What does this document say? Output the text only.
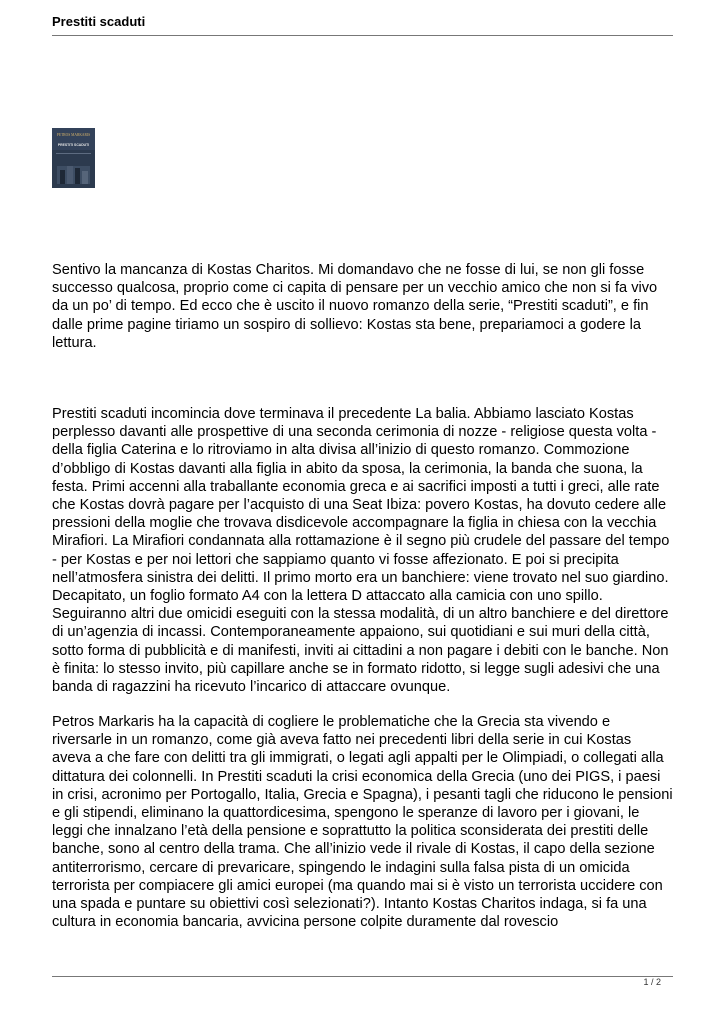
Prestiti scaduti
PETROS MARKARIS
PRESTITI SCADUTI

Sentivo la mancanza di Kostas Charitos. Mi domandavo che ne fosse di lui, se non gli fosse successo qualcosa, proprio come ci capita di pensare per un vecchio amico che non si fa vivo da un po’ di tempo. Ed ecco che è uscito il nuovo romanzo della serie, “Prestiti scaduti”, e fin dalle prime pagine tiriamo un sospiro di sollievo: Kostas sta bene, prepariamoci a godere la lettura.

Prestiti scaduti incomincia dove terminava il precedente La balia. Abbiamo lasciato Kostas perplesso davanti alle prospettive di una seconda cerimonia di nozze - religiose questa volta - della figlia Caterina e lo ritroviamo in alta divisa all’inizio di questo romanzo. Commozione d’obbligo di Kostas davanti alla figlia in abito da sposa, la cerimonia, la banda che suona, la festa. Primi accenni alla traballante economia greca e ai sacrifici imposti a tutti i greci, alle rate che Kostas dovrà pagare per l’acquisto di una Seat Ibiza: povero Kostas, ha dovuto cedere alle pressioni della moglie che trovava disdicevole accompagnare la figlia in chiesa con la vecchia Mirafiori. La Mirafiori condannata alla rottamazione è il segno più crudele del passare del tempo - per Kostas e per noi lettori che sappiamo quanto vi fosse affezionato. E poi si precipita nell’atmosfera sinistra dei delitti. Il primo morto era un banchiere: viene trovato nel suo giardino. Decapitato, un foglio formato A4 con la lettera D attaccato alla camicia con uno spillo. Seguiranno altri due omicidi eseguiti con la stessa modalità, di un altro banchiere e del direttore di un’agenzia di incassi. Contemporaneamente appaiono, sui quotidiani e sui muri della città, sotto forma di pubblicità e di manifesti, inviti ai cittadini a non pagare i debiti con le banche. Non è finita: lo stesso invito, più capillare anche se in formato ridotto, si legge sugli adesivi che una banda di ragazzini ha ricevuto l’incarico di attaccare ovunque.

Petros Markaris ha la capacità di cogliere le problematiche che la Grecia sta vivendo e riversarle in un romanzo, come già aveva fatto nei precedenti libri della serie in cui Kostas aveva a che fare con delitti tra gli immigrati, o legati agli appalti per le Olimpiadi, o collegati alla dittatura dei colonnelli. In Prestiti scaduti la crisi economica della Grecia (uno dei PIGS, i paesi in crisi, acronimo per Portogallo, Italia, Grecia e Spagna), i pesanti tagli che riducono le pensioni e gli stipendi, eliminano la quattordicesima, spengono le speranze di lavoro per i giovani, le leggi che innalzano l’età della pensione e soprattutto la politica sconsiderata dei prestiti delle banche, sono al centro della trama. Che all’inizio vede il rivale di Kostas, il capo della sezione antiterrorismo, cercare di prevaricare, spingendo le indagini sulla falsa pista di un omicida terrorista per compiacere gli amici europei (ma quando mai si è visto un terrorista uccidere con una spada e puntare su obiettivi così selezionati?). Intanto Kostas Charitos indaga, si fa una cultura in economia bancaria, avvicina persone colpite duramente dal rovescio

1 / 2
